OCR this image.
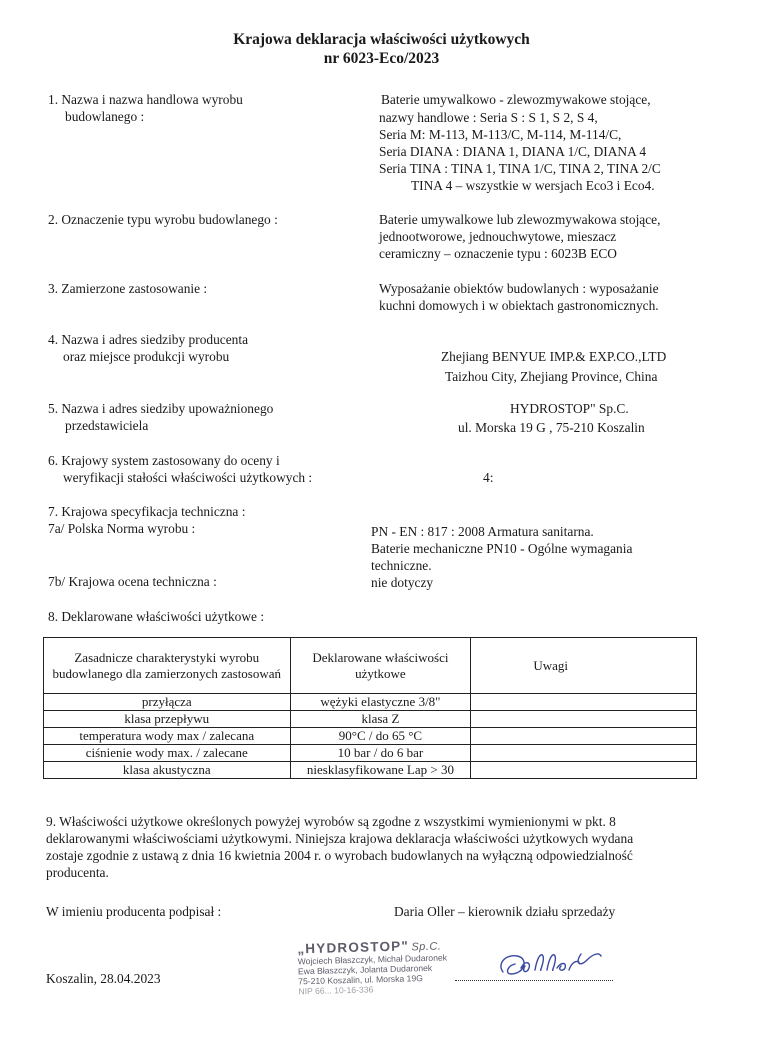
Krajowa deklaracja właściwości użytkowych
nr 6023-Eco/2023
1. Nazwa i nazwa handlowa wyrobu
budowlanego :
Baterie umywalkowo - zlewozmywakowe stojące,
nazwy handlowe : Seria S : S 1, S 2, S 4,
Seria M: M-113, M-113/C, M-114, M-114/C,
Seria DIANA : DIANA 1, DIANA 1/C, DIANA 4
Seria TINA : TINA 1, TINA 1/C, TINA 2, TINA 2/C
TINA 4 – wszystkie w wersjach Eco3 i Eco4.
2. Oznaczenie typu wyrobu budowlanego :	Baterie umywalkowe lub zlewozmywakowa stojące,
jednootworowe, jednouchwytowe, mieszacz
ceramiczny – oznaczenie typu : 6023B ECO
3. Zamierzone zastosowanie :	Wyposażanie obiektów budowlanych : wyposażanie
kuchni domowych i w obiektach gastronomicznych.
4. Nazwa i adres siedziby producenta
oraz miejsce produkcji wyrobu	Zhejiang BENYUE IMP.& EXP.CO.,LTD
Taizhou City, Zhejiang Province, China
5. Nazwa i adres siedziby upoważnionego
przedstawiciela
HYDROSTOP" Sp.C.
ul. Morska 19 G , 75-210 Koszalin
6. Krajowy system zastosowany do oceny i
weryfikacji stałości właściwości użytkowych :	4:
7. Krajowa specyfikacja techniczna :
7a/ Polska Norma wyrobu :	PN - EN : 817 : 2008 Armatura sanitarna.
Baterie mechaniczne PN10 - Ogólne wymagania
techniczne.
7b/ Krajowa ocena techniczna :	nie dotyczy
8. Deklarowane właściwości użytkowe :
Zasadnicze charakterystyki wyrobu budowlanego dla zamierzonych zastosowań	Deklarowane właściwości użytkowe	Uwagi
przyłącza	wężyki elastyczne 3/8"	
klasa przepływu	klasa Z	
temperatura wody max / zalecana	90°C / do 65 °C	
ciśnienie wody max. / zalecane	10 bar / do 6 bar	
klasa akustyczna	niesklasyfikowane Lap > 30	
9. Właściwości użytkowe określonych powyżej wyrobów są zgodne z wszystkimi wymienionymi w pkt. 8
deklarowanymi właściwościami użytkowymi. Niniejsza krajowa deklaracja właściwości użytkowych wydana
zostaje zgodnie z ustawą z dnia 16 kwietnia 2004 r. o wyrobach budowlanych na wyłączną odpowiedzialność
producenta.
W imieniu producenta podpisał :	Daria Oller – kierownik działu sprzedaży
Koszalin, 28.04.2023
„HYDROSTOP" Sp.C.
Wojciech Błaszczyk, Michał Dudaronek
Ewa Błaszczyk, Jolanta Dudaronek
75-210 Koszalin, ul. Morska 19G
NIP 66... 10-16-336
